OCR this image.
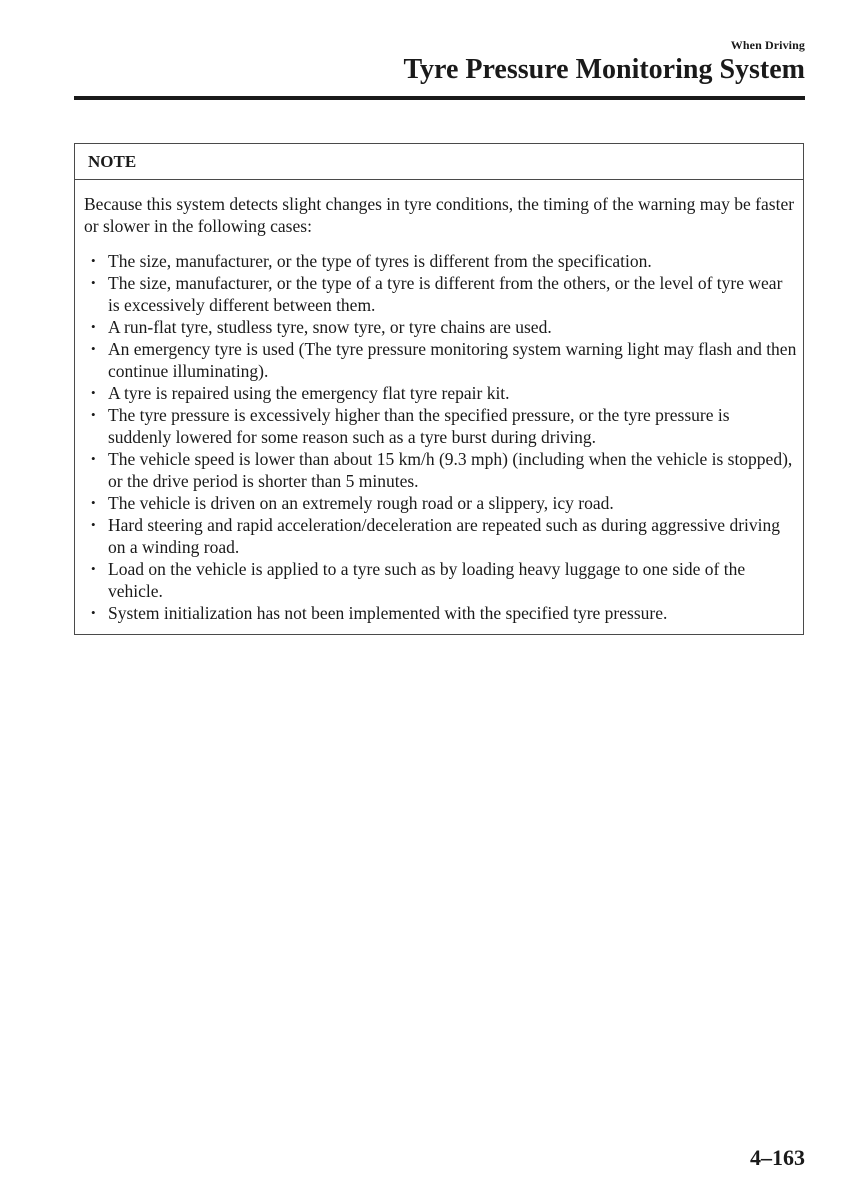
When Driving
Tyre Pressure Monitoring System
NOTE

Because this system detects slight changes in tyre conditions, the timing of the warning may be faster or slower in the following cases:

• The size, manufacturer, or the type of tyres is different from the specification.
• The size, manufacturer, or the type of a tyre is different from the others, or the level of tyre wear is excessively different between them.
• A run-flat tyre, studless tyre, snow tyre, or tyre chains are used.
• An emergency tyre is used (The tyre pressure monitoring system warning light may flash and then continue illuminating).
• A tyre is repaired using the emergency flat tyre repair kit.
• The tyre pressure is excessively higher than the specified pressure, or the tyre pressure is suddenly lowered for some reason such as a tyre burst during driving.
• The vehicle speed is lower than about 15 km/h (9.3 mph) (including when the vehicle is stopped), or the drive period is shorter than 5 minutes.
• The vehicle is driven on an extremely rough road or a slippery, icy road.
• Hard steering and rapid acceleration/deceleration are repeated such as during aggressive driving on a winding road.
• Load on the vehicle is applied to a tyre such as by loading heavy luggage to one side of the vehicle.
• System initialization has not been implemented with the specified tyre pressure.
4–163
